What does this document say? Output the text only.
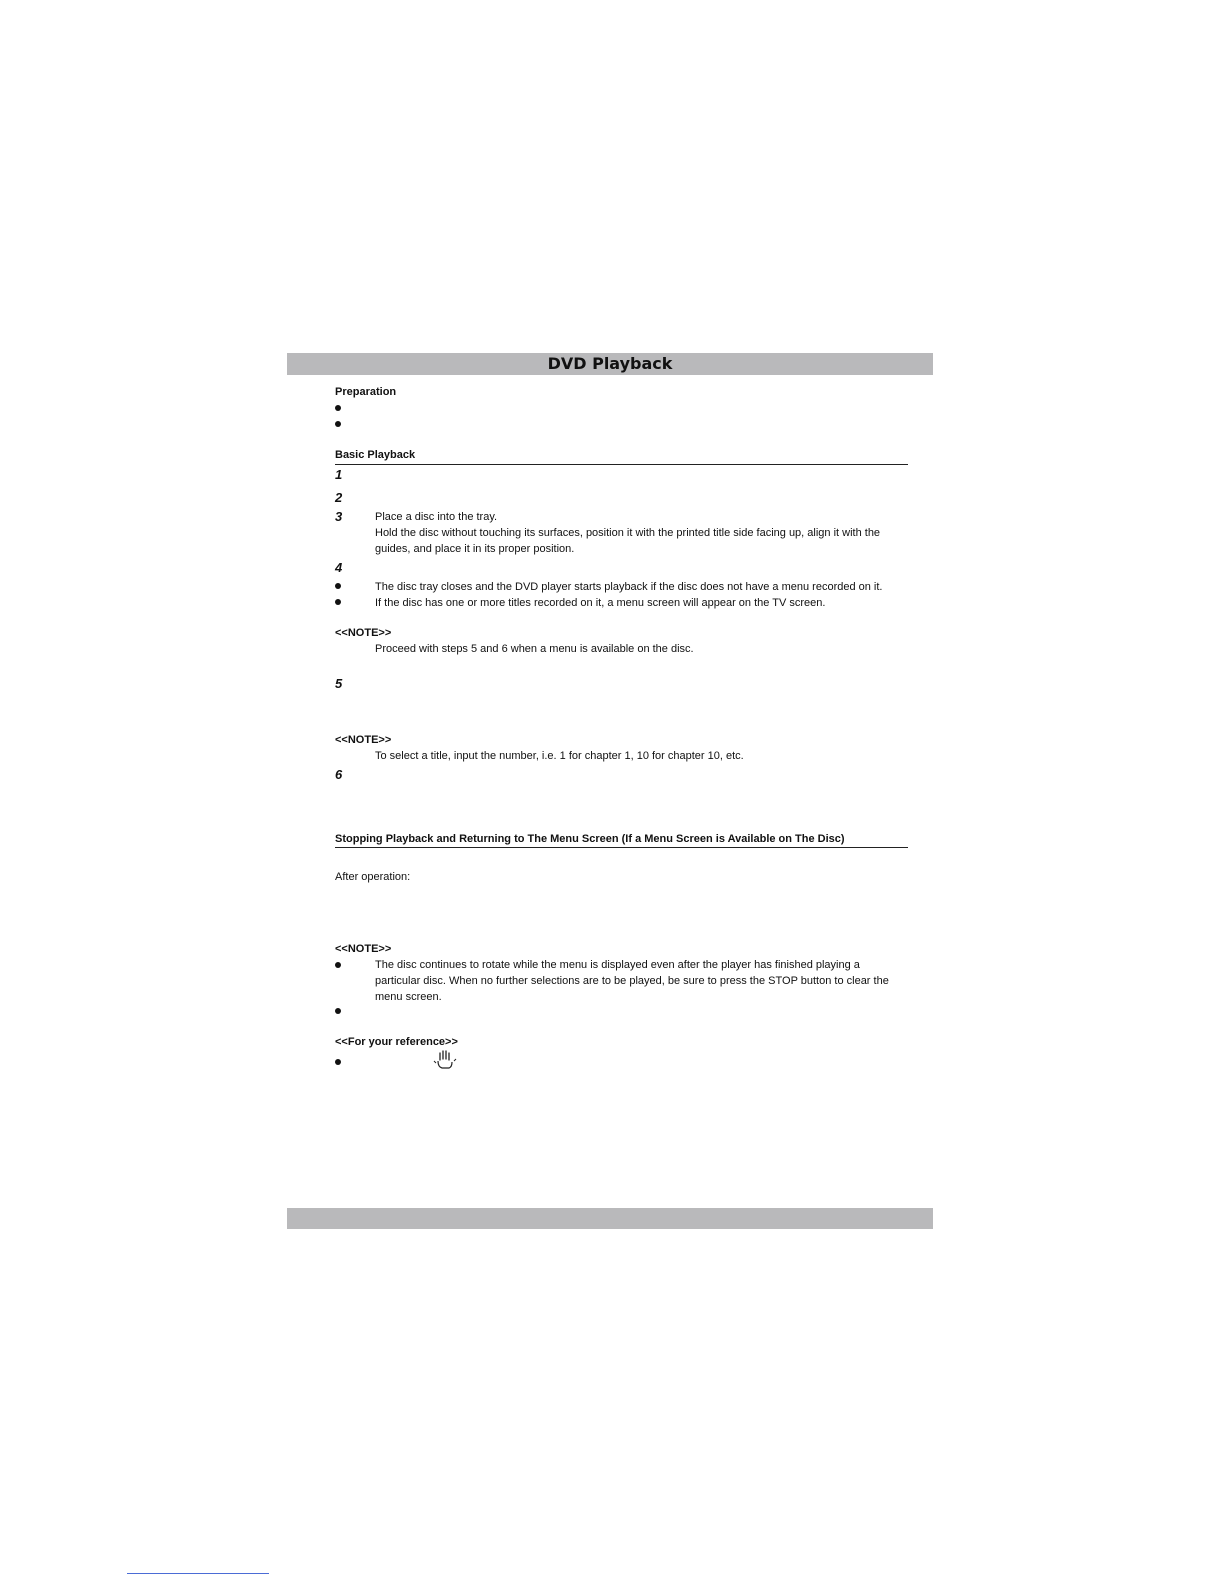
DVD Playback
Preparation
Basic Playback
1
2
3	Place a disc into the tray.
Hold the disc without touching its surfaces, position it with the printed title side facing up, align it with the
guides, and place it in its proper position.
4
The disc tray closes and the DVD player starts playback if the disc does not have a menu recorded on it.
If the disc has one or more titles recorded on it, a menu screen will appear on the TV screen.
<<NOTE>>
Proceed with steps 5 and 6 when a menu is available on the disc.
5
<<NOTE>>
To select a title, input the number, i.e. 1 for chapter 1, 10 for chapter 10, etc.
6
Stopping Playback and Returning to The Menu Screen (If a Menu Screen is Available on The Disc)
After operation:
<<NOTE>>
The disc continues to rotate while the menu is displayed even after the player has finished playing a
particular disc. When no further selections are to be played, be sure to press the STOP button to clear the
menu screen.
<<For your reference>>
